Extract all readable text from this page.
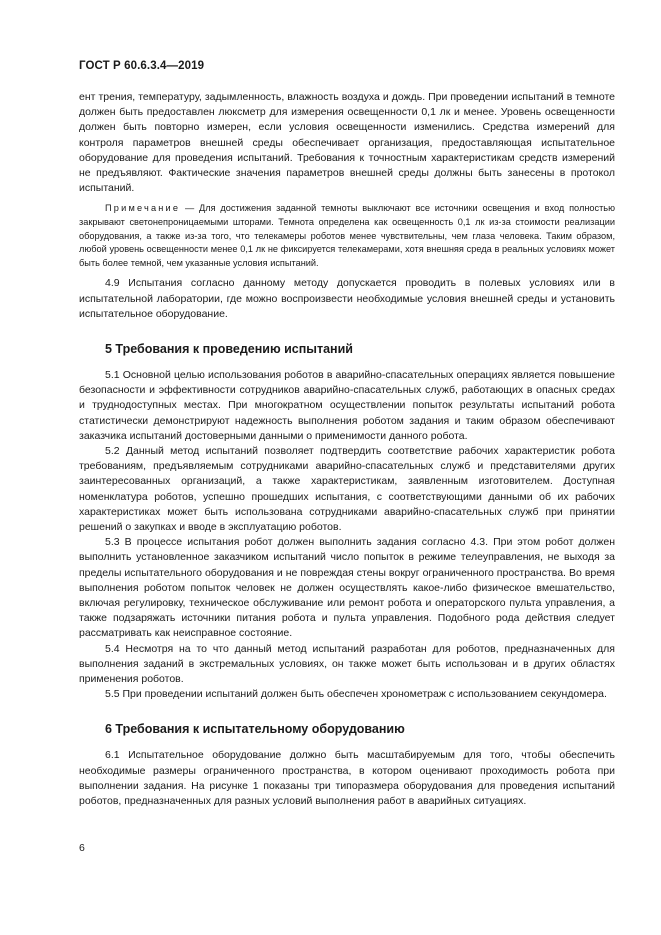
ГОСТ Р 60.6.3.4—2019

ент трения, температуру, задымленность, влажность воздуха и дождь. При проведении испытаний в темноте должен быть предоставлен люксметр для измерения освещенности 0,1 лк и менее. Уровень освещенности должен быть повторно измерен, если условия освещенности изменились. Средства измерений для контроля параметров внешней среды обеспечивает организация, предоставляющая испытательное оборудование для проведения испытаний. Требования к точностным характеристикам средств измерений не предъявляют. Фактические значения параметров внешней среды должны быть занесены в протокол испытаний.

Примечание — Для достижения заданной темноты выключают все источники освещения и вход полностью закрывают светонепроницаемыми шторами. Темнота определена как освещенность 0,1 лк из-за стоимости реализации оборудования, а также из-за того, что телекамеры роботов менее чувствительны, чем глаза человека. Таким образом, любой уровень освещенности менее 0,1 лк не фиксируется телекамерами, хотя внешняя среда в реальных условиях может быть более темной, чем указанные условия испытаний.

4.9 Испытания согласно данному методу допускается проводить в полевых условиях или в испытательной лаборатории, где можно воспроизвести необходимые условия внешней среды и установить испытательное оборудование.

5 Требования к проведению испытаний

5.1 Основной целью использования роботов в аварийно-спасательных операциях является повышение безопасности и эффективности сотрудников аварийно-спасательных служб, работающих в опасных средах и труднодоступных местах. При многократном осуществлении попыток результаты испытаний робота статистически демонстрируют надежность выполнения роботом задания и таким образом обеспечивают заказчика испытаний достоверными данными о применимости данного робота.

5.2 Данный метод испытаний позволяет подтвердить соответствие рабочих характеристик робота требованиям, предъявляемым сотрудниками аварийно-спасательных служб и представителями других заинтересованных организаций, а также характеристикам, заявленным изготовителем. Доступная номенклатура роботов, успешно прошедших испытания, с соответствующими данными об их рабочих характеристиках может быть использована сотрудниками аварийно-спасательных служб при принятии решений о закупках и вводе в эксплуатацию роботов.

5.3 В процессе испытания робот должен выполнить задания согласно 4.3. При этом робот должен выполнить установленное заказчиком испытаний число попыток в режиме телеуправления, не выходя за пределы испытательного оборудования и не повреждая стены вокруг ограниченного пространства. Во время выполнения роботом попыток человек не должен осуществлять какое-либо физическое вмешательство, включая регулировку, техническое обслуживание или ремонт робота и операторского пульта управления, а также подзаряжать источники питания робота и пульта управления. Подобного рода действия следует рассматривать как неисправное состояние.

5.4 Несмотря на то что данный метод испытаний разработан для роботов, предназначенных для выполнения заданий в экстремальных условиях, он также может быть использован и в других областях применения роботов.

5.5 При проведении испытаний должен быть обеспечен хронометраж с использованием секундомера.

6 Требования к испытательному оборудованию

6.1 Испытательное оборудование должно быть масштабируемым для того, чтобы обеспечить необходимые размеры ограниченного пространства, в котором оценивают проходимость робота при выполнении задания. На рисунке 1 показаны три типоразмера оборудования для проведения испытаний роботов, предназначенных для разных условий выполнения работ в аварийных ситуациях.

6
